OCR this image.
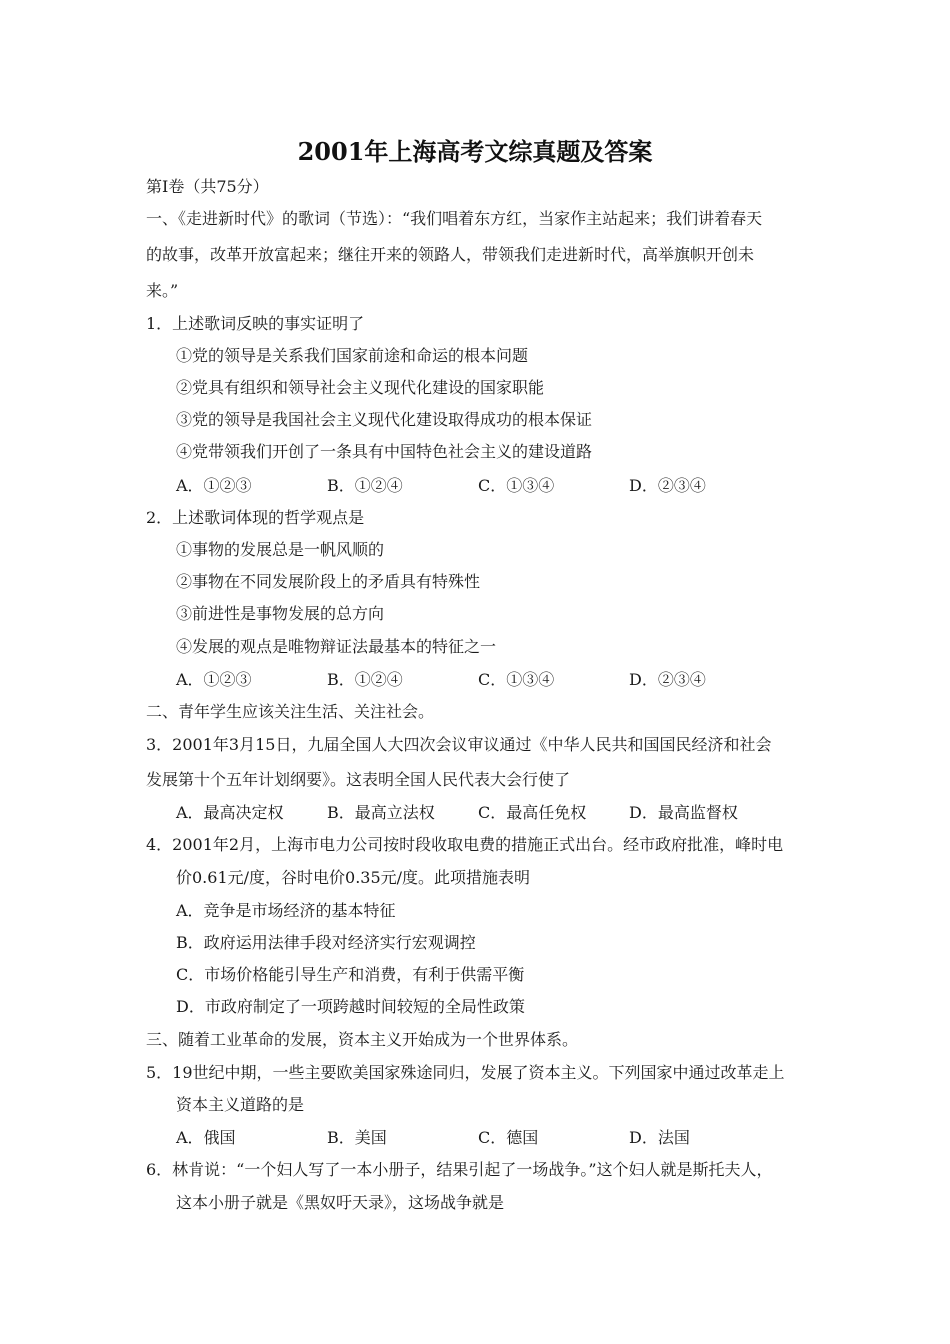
2001年上海高考文综真题及答案
第Ⅰ卷（共75分）
一、《走进新时代》的歌词（节选）：“我们唱着东方红，当家作主站起来；我们讲着春天
的故事，改革开放富起来；继往开来的领路人，带领我们走进新时代，高举旗帜开创未
来。”
1．上述歌词反映的事实证明了
①党的领导是关系我们国家前途和命运的根本问题
②党具有组织和领导社会主义现代化建设的国家职能
③党的领导是我国社会主义现代化建设取得成功的根本保证
④党带领我们开创了一条具有中国特色社会主义的建设道路
A．①②③	B．①②④	C．①③④	D．②③④
2．上述歌词体现的哲学观点是
①事物的发展总是一帆风顺的
②事物在不同发展阶段上的矛盾具有特殊性
③前进性是事物发展的总方向
④发展的观点是唯物辩证法最基本的特征之一
A．①②③	B．①②④	C．①③④	D．②③④
二、青年学生应该关注生活、关注社会。
3．2001年3月15日，九届全国人大四次会议审议通过《中华人民共和国国民经济和社会
发展第十个五年计划纲要》。这表明全国人民代表大会行使了
A．最高决定权	B．最高立法权	C．最高任免权	D．最高监督权
4．2001年2月，上海市电力公司按时段收取电费的措施正式出台。经市政府批准，峰时电
价0.61元/度，谷时电价0.35元/度。此项措施表明
A．竞争是市场经济的基本特征
B．政府运用法律手段对经济实行宏观调控
C．市场价格能引导生产和消费，有利于供需平衡
D．市政府制定了一项跨越时间较短的全局性政策
三、随着工业革命的发展，资本主义开始成为一个世界体系。
5．19世纪中期，一些主要欧美国家殊途同归，发展了资本主义。下列国家中通过改革走上
资本主义道路的是
A．俄国	B．美国	C．德国	D．法国
6．林肯说：“一个妇人写了一本小册子，结果引起了一场战争。”这个妇人就是斯托夫人，
这本小册子就是《黑奴吁天录》，这场战争就是
